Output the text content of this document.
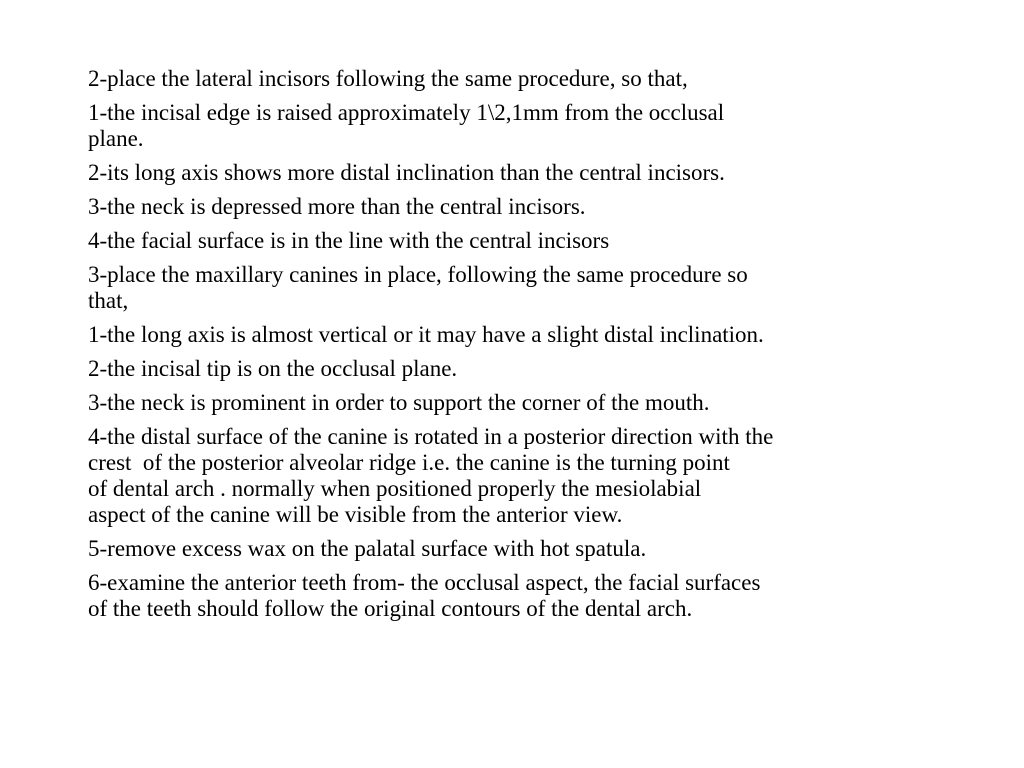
2-place the lateral incisors following the same procedure, so that,

1-the incisal edge is raised approximately 1\2,1mm from the occlusal
plane.

2-its long axis shows more distal inclination than the central incisors.

3-the neck is depressed more than the central incisors.

4-the facial surface is in the line with the central incisors

3-place the maxillary canines in place, following the same procedure so
that,

1-the long axis is almost vertical or it may have a slight distal inclination.

2-the incisal tip is on the occlusal plane.

3-the neck is prominent in order to support the corner of the mouth.

4-the distal surface of the canine is rotated in a posterior direction with the
crest  of the posterior alveolar ridge i.e. the canine is the turning point
of dental arch . normally when positioned properly the mesiolabial
aspect of the canine will be visible from the anterior view.

5-remove excess wax on the palatal surface with hot spatula.

6-examine the anterior teeth from- the occlusal aspect, the facial surfaces
of the teeth should follow the original contours of the dental arch.
